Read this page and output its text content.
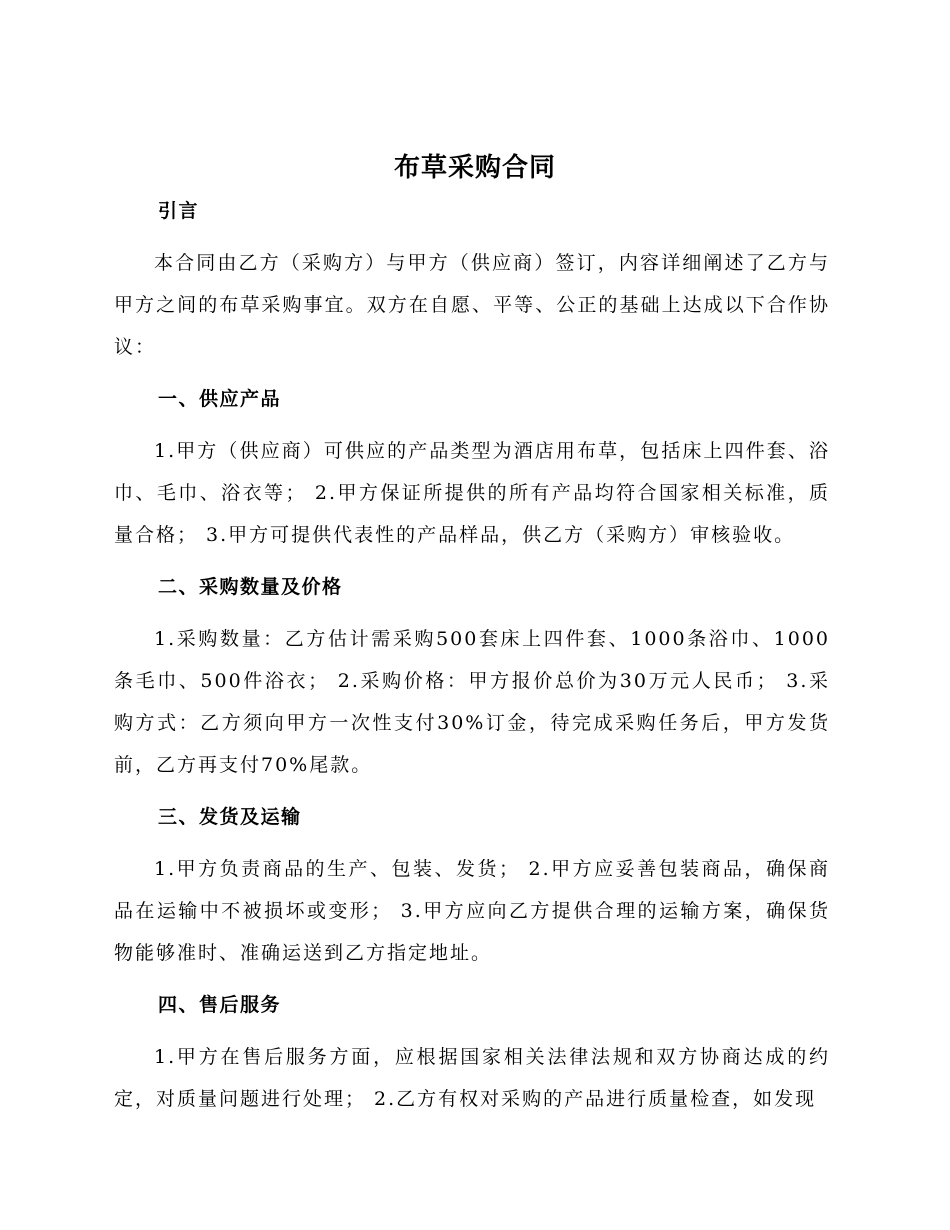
布草采购合同
引言

本合同由乙方（采购方）与甲方（供应商）签订，内容详细阐述了乙方与甲方之间的布草采购事宜。双方在自愿、平等、公正的基础上达成以下合作协议：

一、供应产品

1.甲方（供应商）可供应的产品类型为酒店用布草，包括床上四件套、浴巾、毛巾、浴衣等； 2.甲方保证所提供的所有产品均符合国家相关标准，质量合格； 3.甲方可提供代表性的产品样品，供乙方（采购方）审核验收。

二、采购数量及价格

1.采购数量：乙方估计需采购500套床上四件套、1000条浴巾、1000条毛巾、500件浴衣； 2.采购价格：甲方报价总价为30万元人民币； 3.采购方式：乙方须向甲方一次性支付30%订金，待完成采购任务后，甲方发货前，乙方再支付70%尾款。

三、发货及运输

1.甲方负责商品的生产、包装、发货； 2.甲方应妥善包装商品，确保商品在运输中不被损坏或变形； 3.甲方应向乙方提供合理的运输方案，确保货物能够准时、准确运送到乙方指定地址。

四、售后服务

1.甲方在售后服务方面，应根据国家相关法律法规和双方协商达成的约定，对质量问题进行处理； 2.乙方有权对采购的产品进行质量检查，如发现
